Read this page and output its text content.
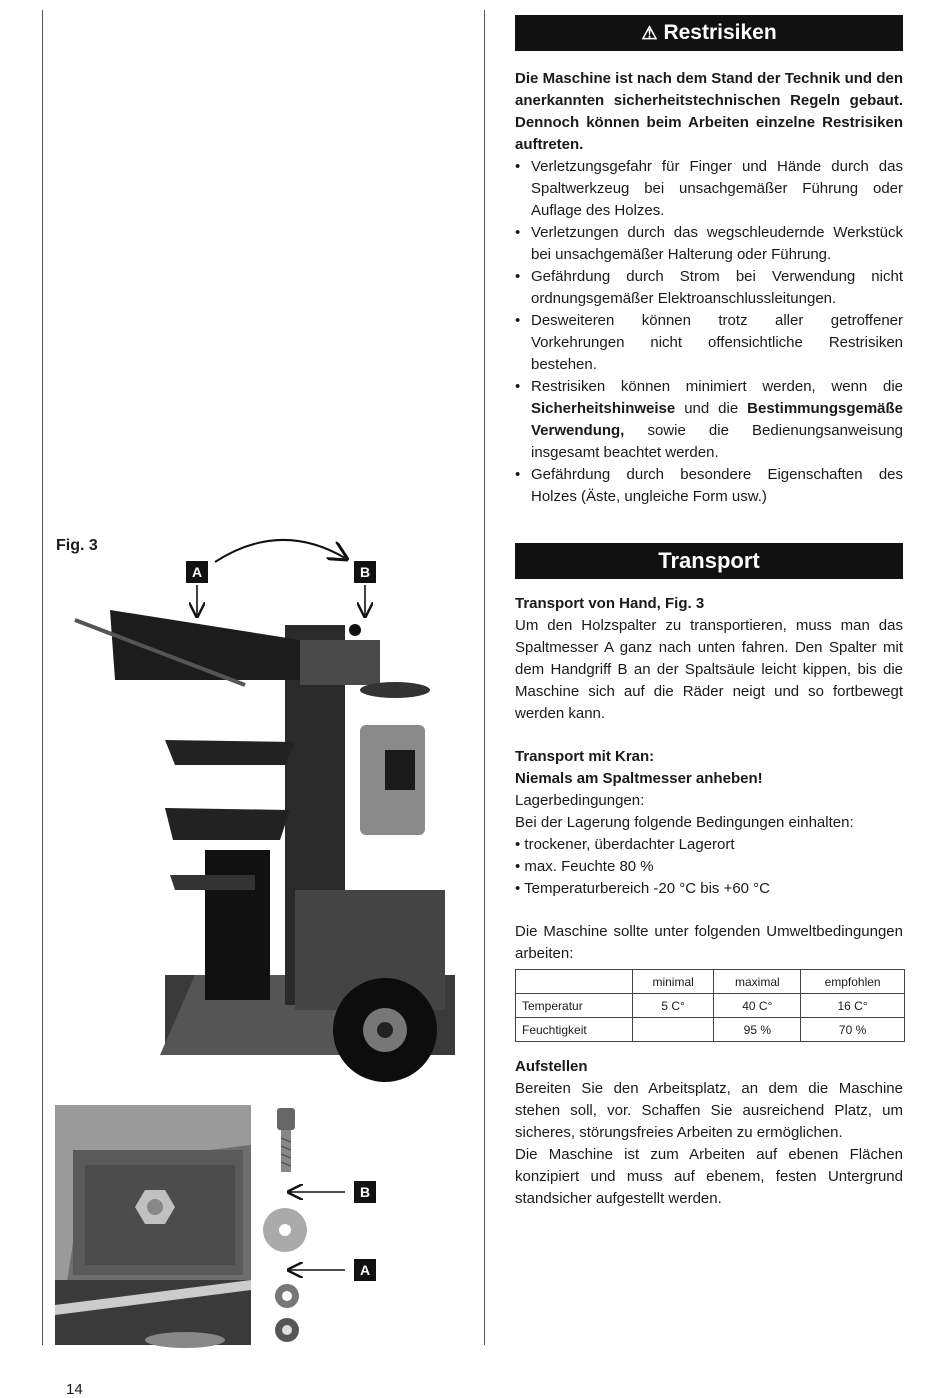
Fig. 3
A	B
B
A
⚠ Restrisiken

Die Maschine ist nach dem Stand der Technik und den anerkannten sicherheitstechnischen Regeln gebaut. Dennoch können beim Arbeiten einzelne Restrisiken auftreten.

• Verletzungsgefahr für Finger und Hände durch das Spaltwerkzeug bei unsachgemäßer Führung oder Auflage des Holzes.
• Verletzungen durch das wegschleudernde Werkstück bei unsachgemäßer Halterung oder Führung.
• Gefährdung durch Strom bei Verwendung nicht ordnungsgemäßer Elektroanschlussleitungen.
• Desweiteren können trotz aller getroffener Vorkehrungen nicht offensichtliche Restrisiken bestehen.
• Restrisiken können minimiert werden, wenn die Sicherheitshinweise und die Bestimmungsgemäße Verwendung, sowie die Bedienungsanweisung insgesamt beachtet werden.
• Gefährdung durch besondere Eigenschaften des Holzes (Äste, ungleiche Form usw.)
Transport

Transport von Hand, Fig. 3

Um den Holzspalter zu transportieren, muss man das Spaltmesser A ganz nach unten fahren. Den Spalter mit dem Handgriff B an der Spaltsäule leicht kippen, bis die Maschine sich auf die Räder neigt und so fortbewegt werden kann.

Transport mit Kran:

Niemals am Spaltmesser anheben!

Lagerbedingungen:

Bei der Lagerung folgende Bedingungen einhalten:

• trockener, überdachter Lagerort

• max. Feuchte 80 %

• Temperaturbereich -20 °C bis +60 °C

Die Maschine sollte unter folgenden Umweltbedingungen arbeiten:

	minimal	maximal	empfohlen
Temperatur	5 C°	40 C°	16 C°
Feuchtigkeit		95 %	70 %

Aufstellen

Bereiten Sie den Arbeitsplatz, an dem die Maschine stehen soll, vor. Schaffen Sie ausreichend Platz, um sicheres, störungsfreies Arbeiten zu ermöglichen.

Die Maschine ist zum Arbeiten auf ebenen Flächen konzipiert und muss auf ebenem, festen Untergrund standsicher aufgestellt werden.

14
